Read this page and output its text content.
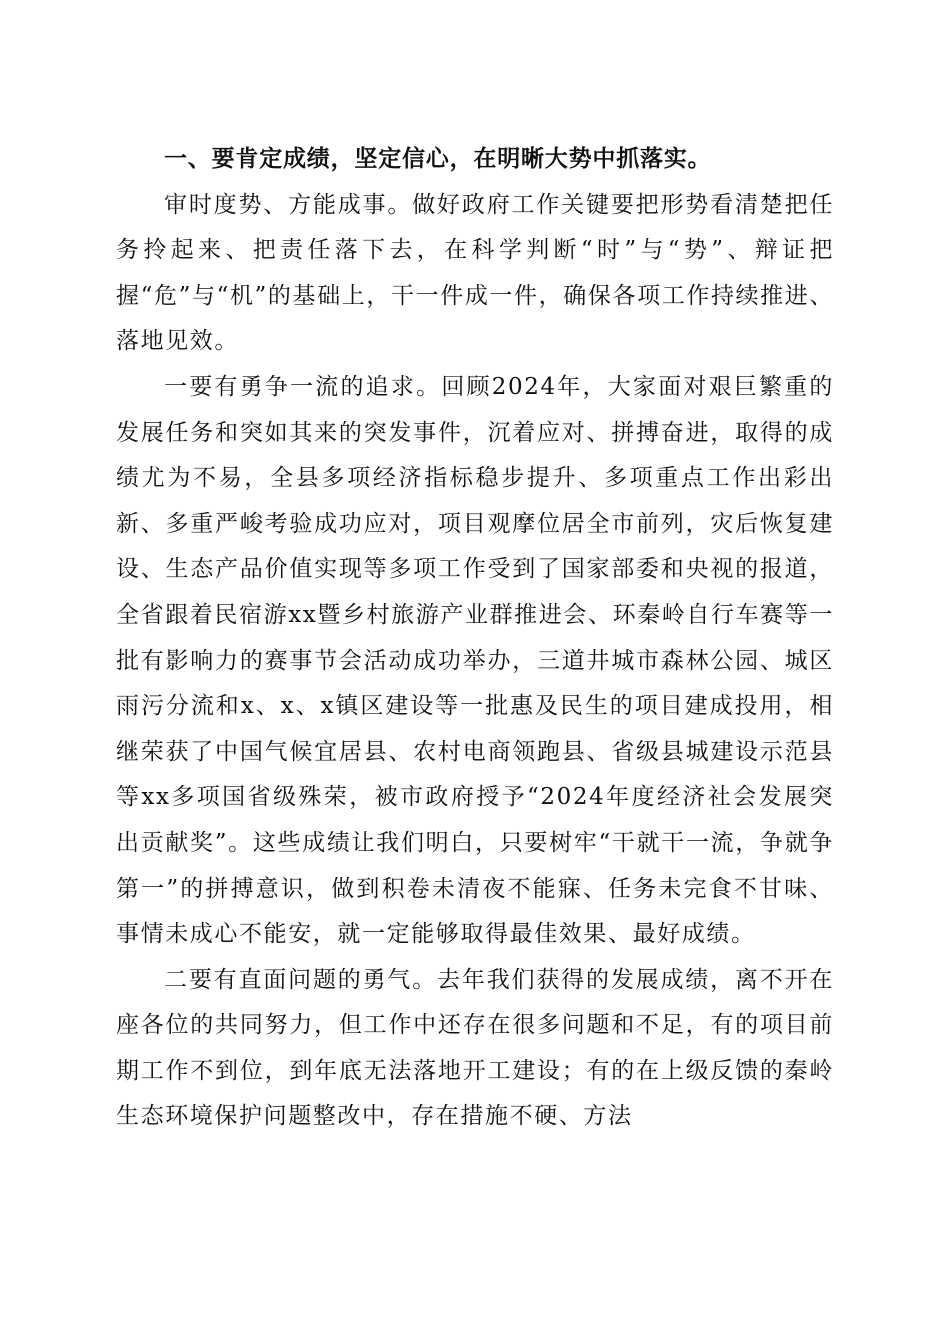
一、要肯定成绩，坚定信心，在明晰大势中抓落实。

审时度势、方能成事。做好政府工作关键要把形势看清楚把任务拎起来、把责任落下去，在科学判断“时”与“势”、辩证把握“危”与“机”的基础上，干一件成一件，确保各项工作持续推进、落地见效。

一要有勇争一流的追求。回顾2024年，大家面对艰巨繁重的发展任务和突如其来的突发事件，沉着应对、拼搏奋进，取得的成绩尤为不易，全县多项经济指标稳步提升、多项重点工作出彩出新、多重严峻考验成功应对，项目观摩位居全市前列，灾后恢复建设、生态产品价值实现等多项工作受到了国家部委和央视的报道，全省跟着民宿游xx暨乡村旅游产业群推进会、环秦岭自行车赛等一批有影响力的赛事节会活动成功举办，三道井城市森林公园、城区雨污分流和x、x、x镇区建设等一批惠及民生的项目建成投用，相继荣获了中国气候宜居县、农村电商领跑县、省级县城建设示范县等xx多项国省级殊荣，被市政府授予“2024年度经济社会发展突出贡献奖”。这些成绩让我们明白，只要树牢“干就干一流，争就争第一”的拼搏意识，做到积卷未清夜不能寐、任务未完食不甘味、事情未成心不能安，就一定能够取得最佳效果、最好成绩。

二要有直面问题的勇气。去年我们获得的发展成绩，离不开在座各位的共同努力，但工作中还存在很多问题和不足，有的项目前期工作不到位，到年底无法落地开工建设；有的在上级反馈的秦岭生态环境保护问题整改中，存在措施不硬、方法
